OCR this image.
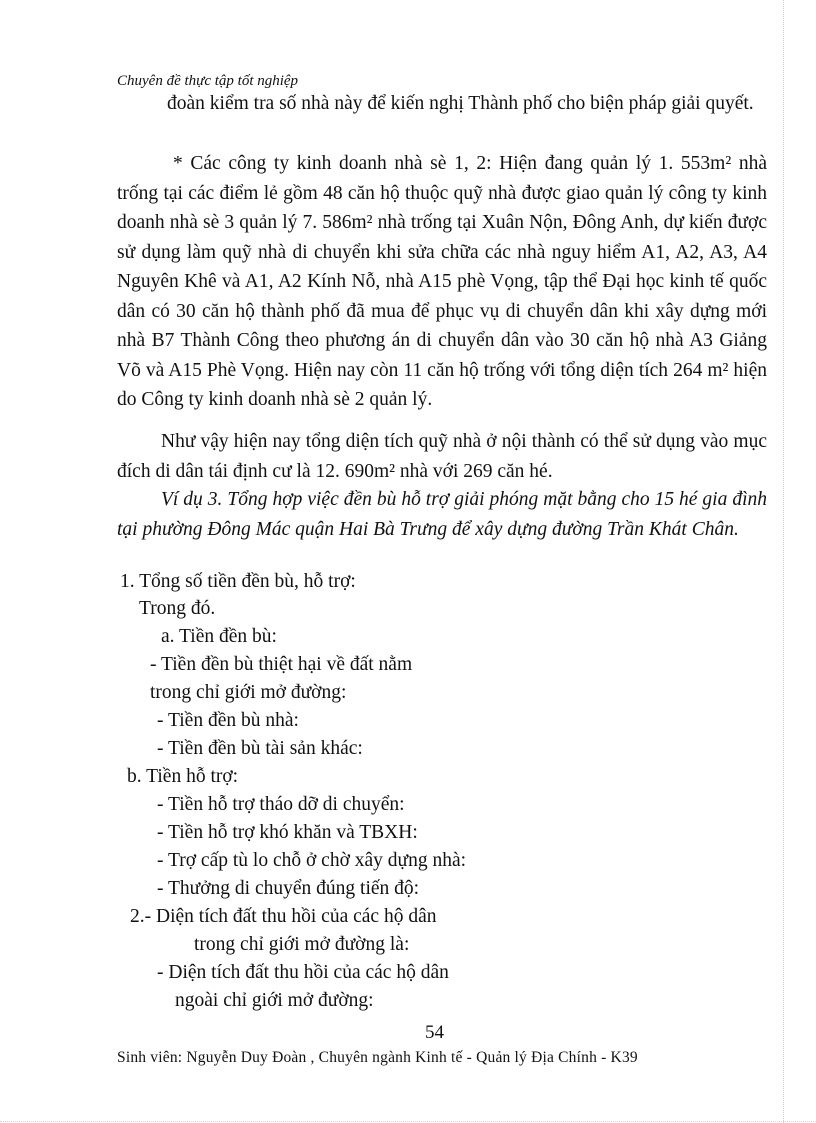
Chuyên đề thực tập tốt nghiệp
đoàn kiểm tra số nhà này để kiến nghị Thành phố cho biện pháp giải quyết.
* Các công ty kinh doanh nhà sè 1, 2: Hiện đang quản lý 1. 553m² nhà trống tại các điểm lẻ gồm 48 căn hộ thuộc quỹ nhà được giao quản lý công ty kinh doanh nhà sè 3 quản lý 7. 586m² nhà trống tại Xuân Nộn, Đông Anh, dự kiến được sử dụng làm quỹ nhà di chuyển khi sửa chữa các nhà nguy hiểm A1, A2, A3, A4 Nguyên Khê và A1, A2 Kính Nỗ, nhà A15 phè Vọng, tập thể Đại học kinh tế quốc dân có 30 căn hộ thành phố đã mua để phục vụ di chuyển dân khi xây dựng mới nhà B7 Thành Công theo phương án di chuyển dân vào 30 căn hộ nhà A3 Giảng Võ và A15 Phè Vọng. Hiện nay còn 11 căn hộ trống với tổng diện tích 264 m² hiện do Công ty kinh doanh nhà sè 2 quản lý.
Như vậy hiện nay tổng diện tích quỹ nhà ở nội thành có thể sử dụng vào mục đích di dân tái định cư là 12. 690m² nhà với 269 căn hé.
Ví dụ 3. Tổng hợp việc đền bù hỗ trợ giải phóng mặt bằng cho 15 hé gia đình tại phường Đông Mác quận Hai Bà Trưng để xây dựng đường Trần Khát Chân.
1. Tổng số tiền đền bù, hỗ trợ:
Trong đó.
a. Tiền đền bù:
- Tiền đền bù thiệt hại về đất nằm
trong chỉ giới mở đường:
- Tiền đền bù nhà:
- Tiền đền bù tài sản khác:
b. Tiền hỗ trợ:
- Tiền hỗ trợ tháo dỡ di chuyển:
- Tiền hỗ trợ khó khăn và TBXH:
- Trợ cấp tù lo chỗ ở chờ xây dựng nhà:
- Thưởng di chuyển đúng tiến độ:
2.- Diện tích đất thu hồi của các hộ dân
trong chỉ giới mở đường là:
- Diện tích đất thu hồi của các hộ dân
ngoài chỉ giới mở đường:
54
Sinh viên: Nguyễn Duy Đoàn , Chuyên ngành Kinh tế - Quản lý Địa Chính - K39
